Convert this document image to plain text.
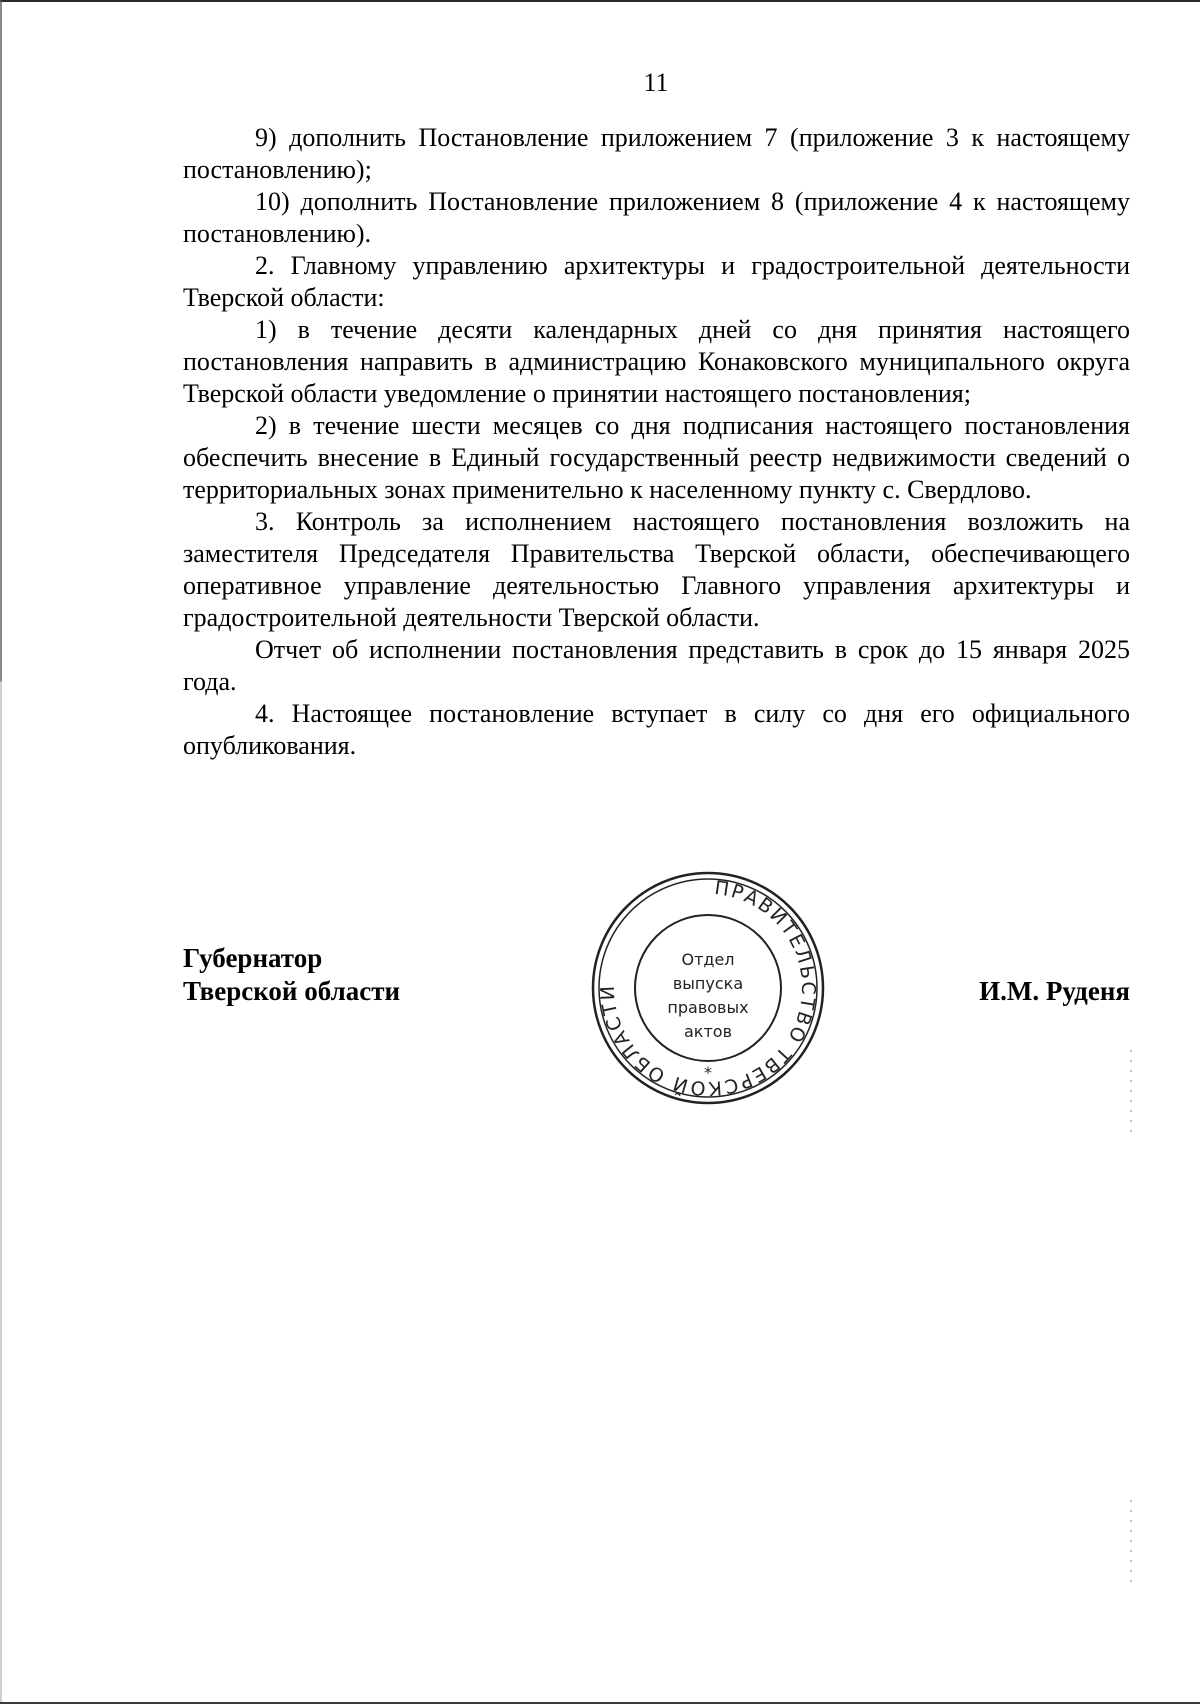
11

9) дополнить Постановление приложением 7 (приложение 3 к настоящему постановлению);

10) дополнить Постановление приложением 8 (приложение 4 к настоящему постановлению).

2. Главному управлению архитектуры и градостроительной деятельности Тверской области:

1) в течение десяти календарных дней со дня принятия настоящего постановления направить в администрацию Конаковского муниципального округа Тверской области уведомление о принятии настоящего постановления;

2) в течение шести месяцев со дня подписания настоящего постановления обеспечить внесение в Единый государственный реестр недвижимости сведений о территориальных зонах применительно к населенному пункту с. Свердлово.

3. Контроль за исполнением настоящего постановления возложить на заместителя Председателя Правительства Тверской области, обеспечивающего оперативное управление деятельностью Главного управления архитектуры и градостроительной деятельности Тверской области.

Отчет об исполнении постановления представить в срок до 15 января 2025 года.

4. Настоящее постановление вступает в силу со дня его официального опубликования.

Губернатор
Тверской области
ПРАВИТЕЛЬСТВО ТВЕРСКОЙ ОБЛАСТИ
Отдел
выпуска
правовых
актов
*
И.М. Руденя
